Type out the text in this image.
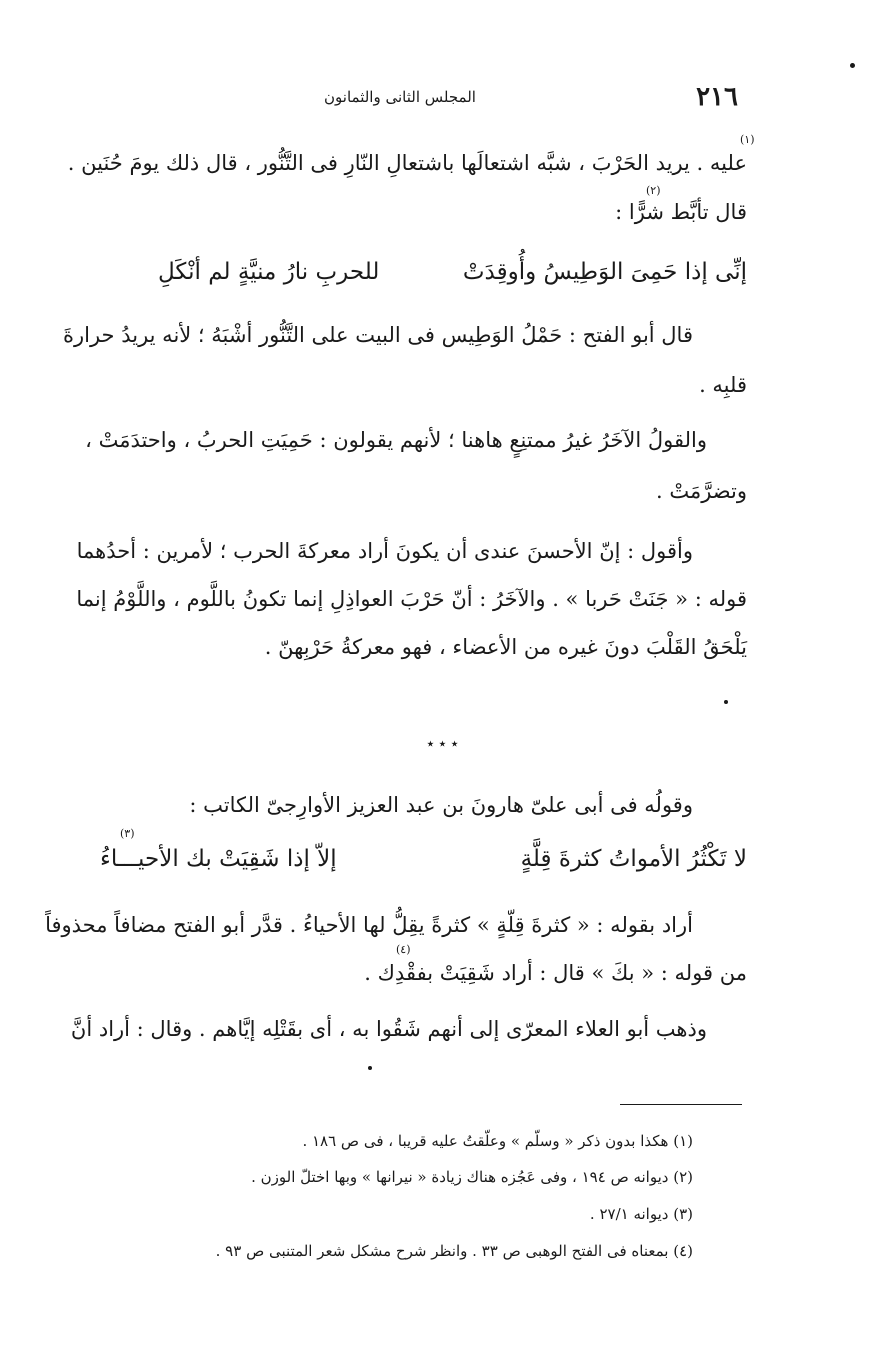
٢١٦
المجلس الثانى والثمانون
(١)
عليه . يريد الحَرْبَ ، شبَّه اشتعالَها باشتعالِ النّارِ فى التَّنُّور ، قال ذلك يومَ حُنَين .
(٢)
قال تأبَّط شرًّا :
إنِّى إذا حَمِىَ الوَطِيسُ وأُوقِدَتْ
للحربِ نارُ منيَّةٍ لم أنْكَلِ
قال أبو الفتح : حَمْلُ الوَطِيس فى البيت على التَّنُّور أشْبَهُ ؛ لأنه يريدُ حرارةَ
قلبِه .
والقولُ الآخَرُ غيرُ ممتنِعٍ هاهنا ؛ لأنهم يقولون : حَمِيَتِ الحربُ ، واحتدَمَتْ ،
وتضرَّمَتْ .
وأقول : إنّ الأحسنَ عندى أن يكونَ أراد معركةَ الحرب ؛ لأمرين : أحدُهما
قوله : « جَنَتْ حَربا » . والآخَرُ : أنّ حَرْبَ العواذِلِ إنما تكونُ باللَّوم ، واللَّوْمُ إنما
يَلْحَقُ القَلْبَ دونَ غيره من الأعضاء ، فهو معركةُ حَرْبِهنّ .
٭ ٭ ٭
وقولُه فى أبى علىّ هارونَ بن عبد العزيز الأوارِجىّ الكاتب :
(٣)
لا تَكْثُرُ الأمواتُ كثرةَ قِلَّةٍ
إلاّ إذا شَقِيَتْ بك الأحيـــاءُ
أراد بقوله : « كثرةَ قِلّةٍ » كثرةً يقِلُّ لها الأحياءُ . قدَّر أبو الفتح مضافاً محذوفاً
(٤)
من قوله : « بكَ » قال : أراد شَقِيَتْ بفقْدِك .
وذهب أبو العلاء المعرّى إلى أنهم شَقُوا به ، أى بقَتْلِه إيَّاهم . وقال : أراد أنَّ
(١) هكذا بدون ذكر « وسلّم » وعلّقتُ عليه قريبا ، فى ص ١٨٦ .
(٢) ديوانه ص ١٩٤ ، وفى عَجُزه هناك زيادة « نيرانها » وبها اختلّ الوزن .
(٣) ديوانه ٢٧/١ .
(٤) بمعناه فى الفتح الوهبى ص ٣٣ . وانظر شرح مشكل شعر المتنبى ص ٩٣ .
